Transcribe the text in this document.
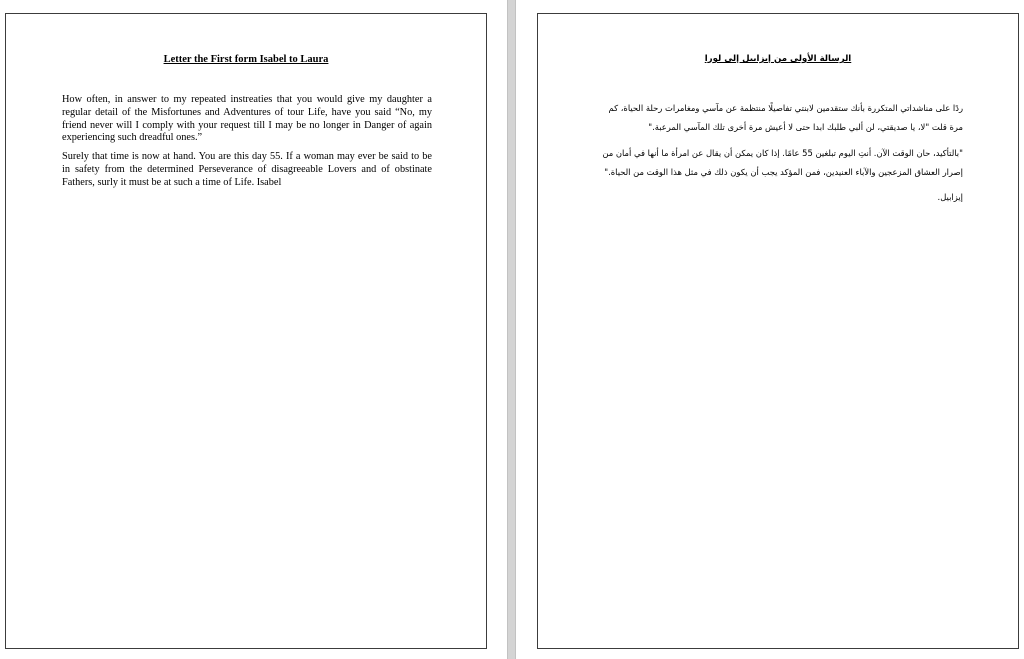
Letter the First form Isabel to Laura
How often, in answer to my repeated instreaties that you would give my daughter a regular detail of the Misfortunes and Adventures of tour Life, have you said “No, my friend never will I comply with your request till I may be no longer in Danger of again experiencing such dreadful ones.”
Surely that time is now at hand. You are this day 55. If a woman may ever be said to be in safety from the determined Perseverance of disagreeable Lovers and of obstinate Fathers, surly it must be at such a time of Life. Isabel
الرسالة الأولى من إيزابيل إلى لورا
ردًا على مناشداتي المتكررة بأنك ستقدمين لابنتي تفاصيلًا منتظمة عن مآسي ومغامرات رحلة الحياة، كم مرة قلت "لا، يا صديقتي، لن ألبي طلبك ابدا حتى لا أعيش مرة أخرى تلك المآسي المرعبة."
"بالتأكيد، حان الوقت الآن. أنتِ اليوم تبلغين 55 عامًا. إذا كان يمكن أن يقال عن امرأة ما أنها في أمان من إصرار العشاق المزعجين والآباء العنيدين، فمن المؤكد يجب أن يكون ذلك في مثل هذا الوقت من الحياة."
إيزابيل.
